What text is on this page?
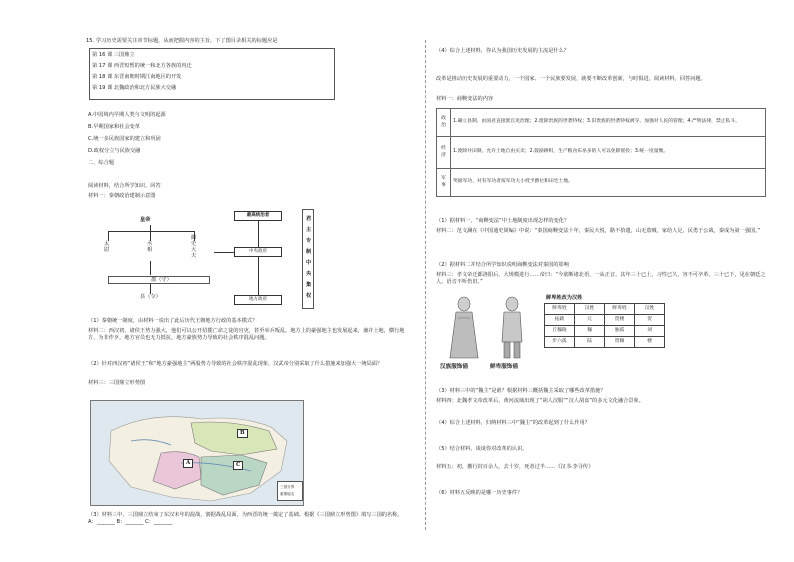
15. 学习历史需要关注章节标题，从而把握内容的主旨。下了图目录相关的标题应是
第 16 课 三国鼎立
第 17 课 西晋短暂的统一和北方各族的内迁
第 18 课 东晋南朝时期江南地区的开发
第 19 课 北魏政治和北方民族大交融
A.中国境内早期人类与文明的起源
B.早期国家和社会变革
C.统一多民族国家的建立和巩固
D.政权分立与民族交融
二、综合题
阅读材料，结合所学知识，回答
材料一：秦朝政治建制示意图
皇帝
太
尉
丞
相
御
史
大
夫
郡（守）
县（令）
最高统治者
中央政府
地方政府
君
主
专
制
中
央
集
权
（1）秦朝统一制度，由材料一说出了此后历代王朝地方行政的基本模式？
材料二：西汉初，诸侯王势力强大，他们可以公开招揽亡命之徒的官吏，甚至举兵叛乱。地方上的豪强地主也发展起来，兼并土地，横行地方，为非作歹。地方官员也无力抵抗。地方豪族势力导致的社会秩序混乱问题。
（2）针对西汉初“诸侯王”和“地方豪强地主”两股势力导致的社会秩序混乱现象，汉武帝分别采取了什么措施来加强大一统局面？
材料三：三国鼎立形势图
B
A	C
三国分界
重要地名
（3）材料三中，三国鼎立结束了东汉末年的混战，割据战乱局面，为西晋的统一奠定了基础。根据《三国鼎立形势图》填写三国的名称。A：_______ B：_______ C：_______
（4）综合上述材料，你认为我国历史发展的主流是什么？
改革是推动历史发展的重要动力，一个国家、一个民族要发展，就要不断改革创新，与时俱进。阅读材料，回答问题。
材料一：商鞅变法的内容
政
治	1.确立县制，由国君直接派官吏治理；2.废除贵族的世袭特权；3.旧贵族的世袭特权被夺，加强对人民的管理；4.严明法律，禁止私斗。
经
济	1.废除井田制，允许土地自由买卖；2.鼓励耕织，生产粮食布帛多的人可以免除徭役；3.统一度量衡。
军
事	奖励军功，对有军功者按军功大小授予爵位和田宅土地。
（1）据材料一，“商鞅变法”中土地制度出现怎样的变化？
材料二：范文澜在《中国通史简编》中说：“秦国商鞅变法十年，秦民大悦，路不拾遗，山无盗贼，家给人足，民勇于公战，秦成为第一强国。”
（2）据材料二并结合所学知识说明商鞅变法对秦国的影响
材料三：孝文帝迁都洛阳后，大规模进行……帝曰：“今欲断诸北语，一从正音。其年三十已上，习性已久，容不可卒革。三十已下，见在朝廷之人，语音不听仍旧。”
汉族服饰俑	鲜卑服饰俑
鲜卑姓改为汉姓
鲜卑姓	汉姓	鲜卑姓	汉姓
拓跋	元	贺楼	贺
丘穆陵	穆	独孤	刘
步六孤	陆	贺赖	楼
（3）材料三中的“魏主”是谁？根据材料三概括魏主采取了哪些改革措施？
材料四：北魏孝文帝改革后，黄河流域出现了“胡人汉服”“汉人胡食”的多元文化融合景象。
（4）综合上述材料，归纳材料三中“魏主”的改革起到了什么作用？
（5）结合材料，谈谈你对改革的认识。
材料五：初，撤行封百余人，去十岁，死者过半……《汉书·李寻传》
（6）材料五反映的是哪一历史事件？
